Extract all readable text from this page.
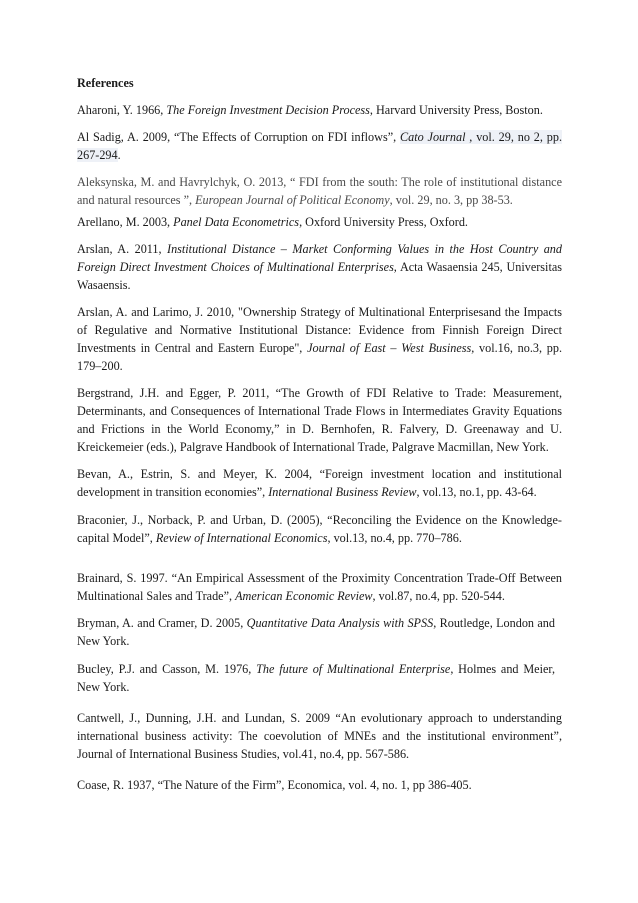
References

Aharoni, Y. 1966, The Foreign Investment Decision Process, Harvard University Press, Boston.

Al Sadig, A. 2009, “The Effects of Corruption on FDI inflows”, Cato Journal , vol. 29, no 2, pp. 267-294.

Aleksynska, M. and Havrylchyk, O. 2013, “ FDI from the south: The role of institutional distance and natural resources ”, European Journal of Political Economy, vol. 29, no. 3, pp 38-53.

Arellano, M. 2003, Panel Data Econometrics, Oxford University Press, Oxford.

Arslan, A. 2011, Institutional Distance – Market Conforming Values in the Host Country and Foreign Direct Investment Choices of Multinational Enterprises, Acta Wasaensia 245, Universitas Wasaensis.

Arslan, A. and Larimo, J. 2010, "Ownership Strategy of Multinational Enterprisesand the Impacts of Regulative and Normative Institutional Distance: Evidence from Finnish Foreign Direct Investments in Central and Eastern Europe", Journal of East – West Business, vol.16, no.3, pp. 179–200.

Bergstrand, J.H. and Egger, P. 2011, “The Growth of FDI Relative to Trade: Measurement, Determinants, and Consequences of International Trade Flows in Intermediates Gravity Equations and Frictions in the World Economy,” in D. Bernhofen, R. Falvery, D. Greenaway and U. Kreickemeier (eds.), Palgrave Handbook of International Trade, Palgrave Macmillan, New York.

Bevan, A., Estrin, S. and Meyer, K. 2004, “Foreign investment location and institutional development in transition economies”, International Business Review, vol.13, no.1, pp. 43-64.

Braconier, J., Norback, P. and Urban, D. (2005), “Reconciling the Evidence on the Knowledge-capital Model”, Review of International Economics, vol.13, no.4, pp. 770–786.

Brainard, S. 1997. “An Empirical Assessment of the Proximity Concentration Trade-Off Between Multinational Sales and Trade”, American Economic Review, vol.87, no.4, pp. 520-544.

Bryman, A. and Cramer, D. 2005, Quantitative Data Analysis with SPSS, Routledge, London and New York.

Bucley, P.J. and Casson, M. 1976, The future of Multinational Enterprise, Holmes and Meier, New York.

Cantwell, J., Dunning, J.H. and Lundan, S. 2009 “An evolutionary approach to understanding international business activity: The coevolution of MNEs and the institutional environment”, Journal of International Business Studies, vol.41, no.4, pp. 567-586.

Coase, R. 1937, “The Nature of the Firm”, Economica, vol. 4, no. 1, pp 386-405.
